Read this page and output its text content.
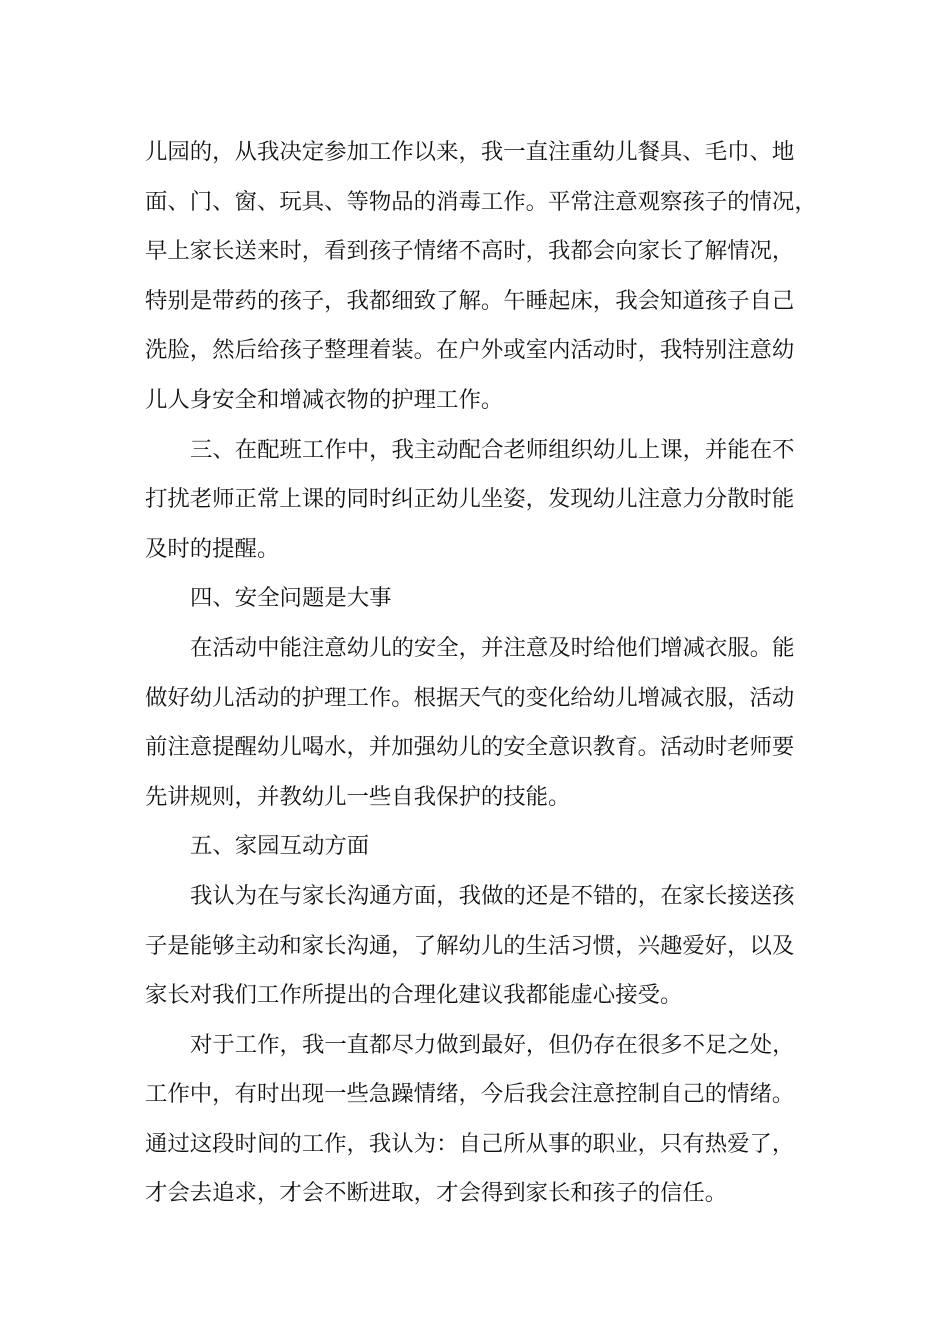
儿园的，从我决定参加工作以来，我一直注重幼儿餐具、毛巾、地
面、门、窗、玩具、等物品的消毒工作。平常注意观察孩子的情况，
早上家长送来时，看到孩子情绪不高时，我都会向家长了解情况，
特别是带药的孩子，我都细致了解。午睡起床，我会知道孩子自己
洗脸，然后给孩子整理着装。在户外或室内活动时，我特别注意幼
儿人身安全和增减衣物的护理工作。
三、在配班工作中，我主动配合老师组织幼儿上课，并能在不
打扰老师正常上课的同时纠正幼儿坐姿，发现幼儿注意力分散时能
及时的提醒。
四、安全问题是大事
在活动中能注意幼儿的安全，并注意及时给他们增减衣服。能
做好幼儿活动的护理工作。根据天气的变化给幼儿增减衣服，活动
前注意提醒幼儿喝水，并加强幼儿的安全意识教育。活动时老师要
先讲规则，并教幼儿一些自我保护的技能。
五、家园互动方面
我认为在与家长沟通方面，我做的还是不错的，在家长接送孩
子是能够主动和家长沟通，了解幼儿的生活习惯，兴趣爱好，以及
家长对我们工作所提出的合理化建议我都能虚心接受。
对于工作，我一直都尽力做到最好，但仍存在很多不足之处，
工作中，有时出现一些急躁情绪，今后我会注意控制自己的情绪。
通过这段时间的工作，我认为：自己所从事的职业，只有热爱了，
才会去追求，才会不断进取，才会得到家长和孩子的信任。
